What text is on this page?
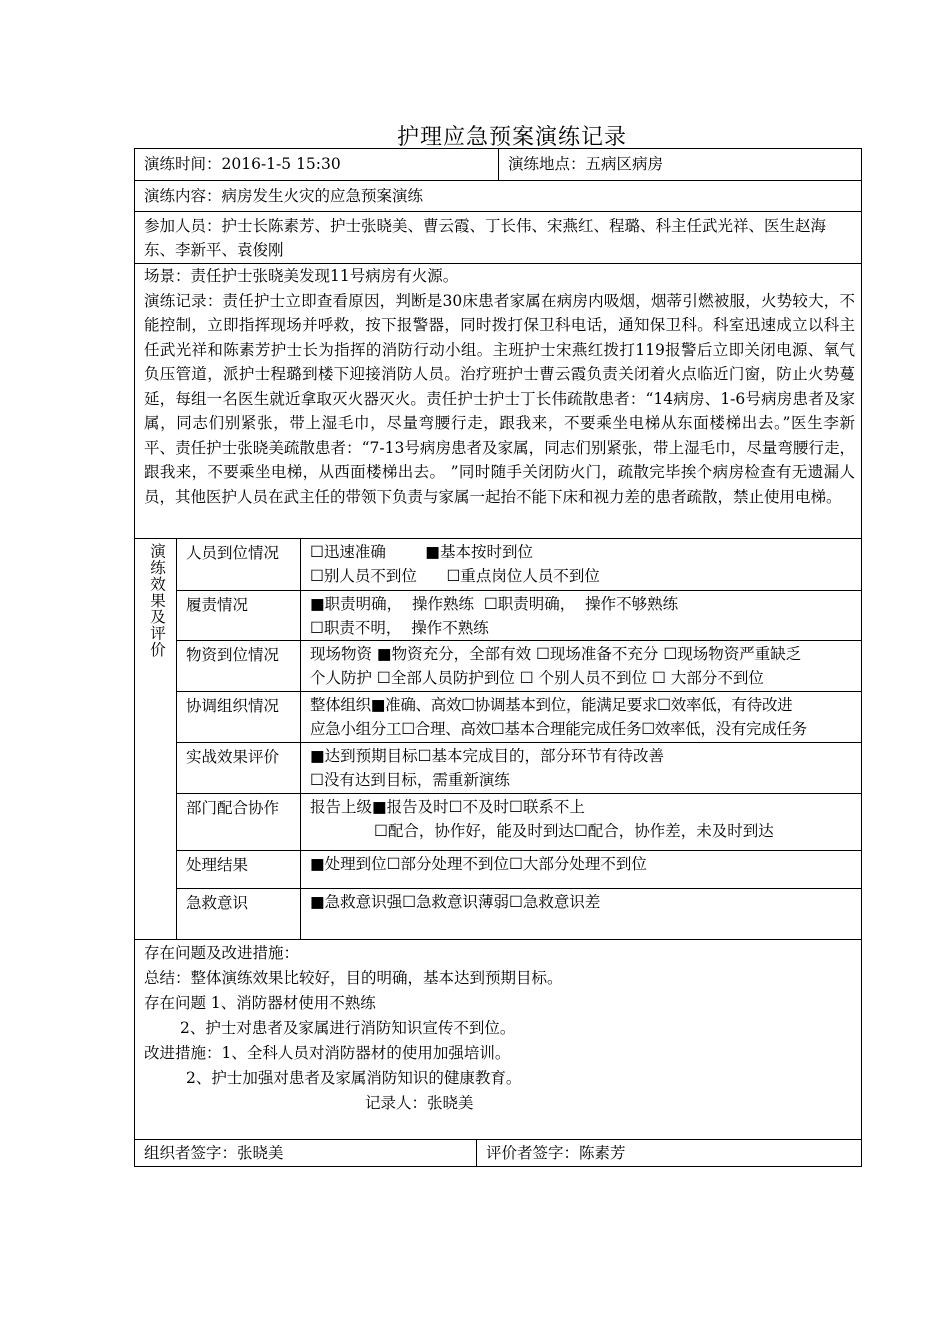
护理应急预案演练记录
演练时间：2016-1-5 15:30	演练地点：五病区病房
演练内容：病房发生火灾的应急预案演练
参加人员：护士长陈素芳、护士张晓美、曹云霞、丁长伟、宋燕红、程璐、科主任武光祥、医生赵海东、李新平、袁俊刚
场景：责任护士张晓美发现11号病房有火源。
演练记录：责任护士立即查看原因，判断是30床患者家属在病房内吸烟，烟蒂引燃被服，火势较大，不能控制，立即指挥现场并呼救，按下报警器，同时拨打保卫科电话，通知保卫科。科室迅速成立以科主任武光祥和陈素芳护士长为指挥的消防行动小组。主班护士宋燕红拨打119报警后立即关闭电源、氧气负压管道，派护士程璐到楼下迎接消防人员。治疗班护士曹云霞负责关闭着火点临近门窗，防止火势蔓延，每组一名医生就近拿取灭火器灭火。责任护士护士丁长伟疏散患者：“14病房、1-6号病房患者及家属，同志们别紧张，带上湿毛巾，尽量弯腰行走，跟我来，不要乘坐电梯从东面楼梯出去。”医生李新平、责任护士张晓美疏散患者：“7-13号病房患者及家属，同志们别紧张，带上湿毛巾，尽量弯腰行走，跟我来，不要乘坐电梯，从西面楼梯出去。 ”同时随手关闭防火门，疏散完毕挨个病房检查有无遗漏人员，其他医护人员在武主任的带领下负责与家属一起抬不能下床和视力差的患者疏散，禁止使用电梯。
演练效果及评价	人员到位情况	☐迅速准确        ■基本按时到位
☐别人员不到位      ☐重点岗位人员不到位
履责情况	■职责明确，  操作熟练  ☐职责明确，  操作不够熟练
☐职责不明，  操作不熟练
物资到位情况	现场物资 ■物资充分，全部有效 ☐现场准备不充分 ☐现场物资严重缺乏
个人防护 ☐全部人员防护到位 ☐ 个别人员不到位 ☐ 大部分不到位
协调组织情况	整体组织■准确、高效☐协调基本到位，能满足要求☐效率低，有待改进
应急小组分工☐合理、高效☐基本合理能完成任务☐效率低，没有完成任务
实战效果评价	■达到预期目标☐基本完成目的，部分环节有待改善
☐没有达到目标，需重新演练
部门配合协作	报告上级■报告及时☐不及时☐联系不上
☐配合，协作好，能及时到达☐配合，协作差，未及时到达
处理结果	■处理到位☐部分处理不到位☐大部分处理不到位
急救意识	■急救意识强☐急救意识薄弱☐急救意识差
存在问题及改进措施：
总结：整体演练效果比较好，目的明确，基本达到预期目标。
存在问题 1、消防器材使用不熟练
2、护士对患者及家属进行消防知识宣传不到位。
改进措施：1、全科人员对消防器材的使用加强培训。
2、护士加强对患者及家属消防知识的健康教育。
记录人：张晓美
组织者签字：张晓美	评价者签字：陈素芳
